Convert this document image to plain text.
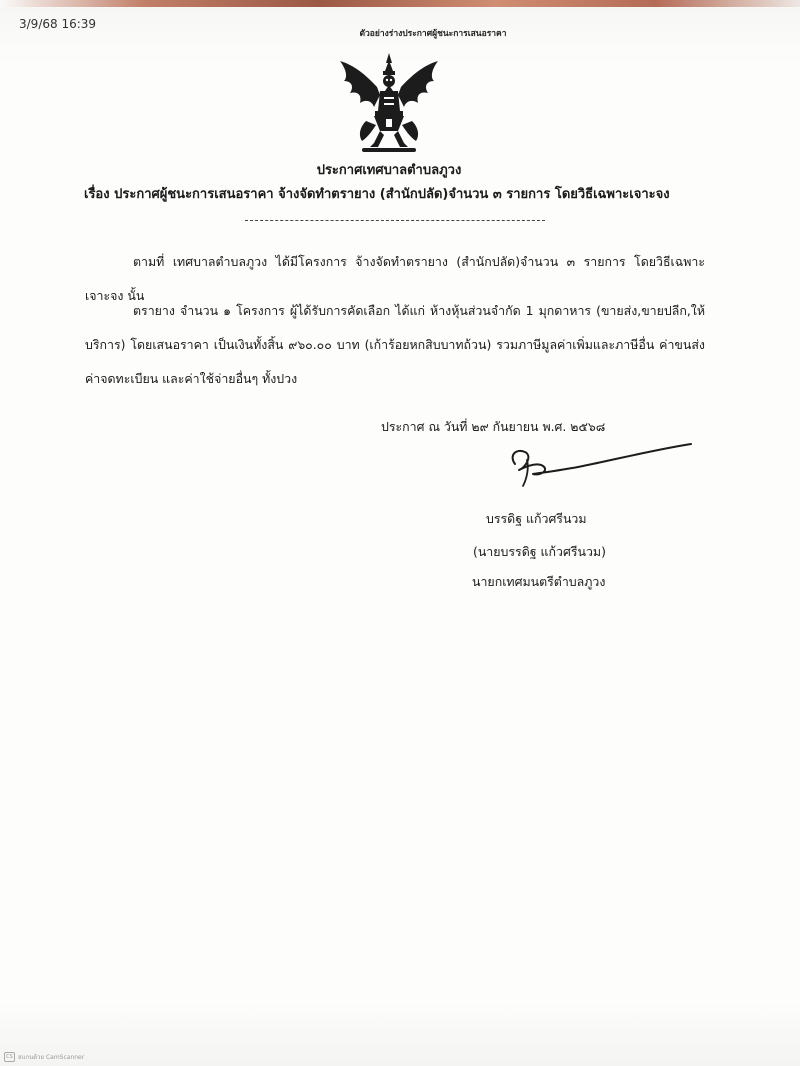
3/9/68 16:39
ตัวอย่างร่างประกาศผู้ชนะการเสนอราคา
ประกาศเทศบาลตำบลภูวง
เรื่อง ประกาศผู้ชนะการเสนอราคา จ้างจัดทำตรายาง (สำนักปลัด)จำนวน ๓ รายการ โดยวิธีเฉพาะเจาะจง
ตามที่ เทศบาลตำบลภูวง ได้มีโครงการ จ้างจัดทำตรายาง (สำนักปลัด)จำนวน ๓ รายการ โดยวิธีเฉพาะเจาะจง นั้น
ตรายาง จำนวน ๑ โครงการ ผู้ได้รับการคัดเลือก ได้แก่ ห้างหุ้นส่วนจำกัด 1 มุกดาหาร (ขายส่ง,ขายปลีก,ให้บริการ) โดยเสนอราคา เป็นเงินทั้งสิ้น ๙๖๐.๐๐ บาท (เก้าร้อยหกสิบบาทถ้วน) รวมภาษีมูลค่าเพิ่มและภาษีอื่น ค่าขนส่ง ค่าจดทะเบียน และค่าใช้จ่ายอื่นๆ ทั้งปวง
ประกาศ ณ วันที่ ๒๙ กันยายน พ.ศ. ๒๕๖๘
บรรดิฐ แก้วศรีนวม
(นายบรรดิฐ แก้วศรีนวม)
นายกเทศมนตรีตำบลภูวง
CS สแกนด้วย CamScanner
